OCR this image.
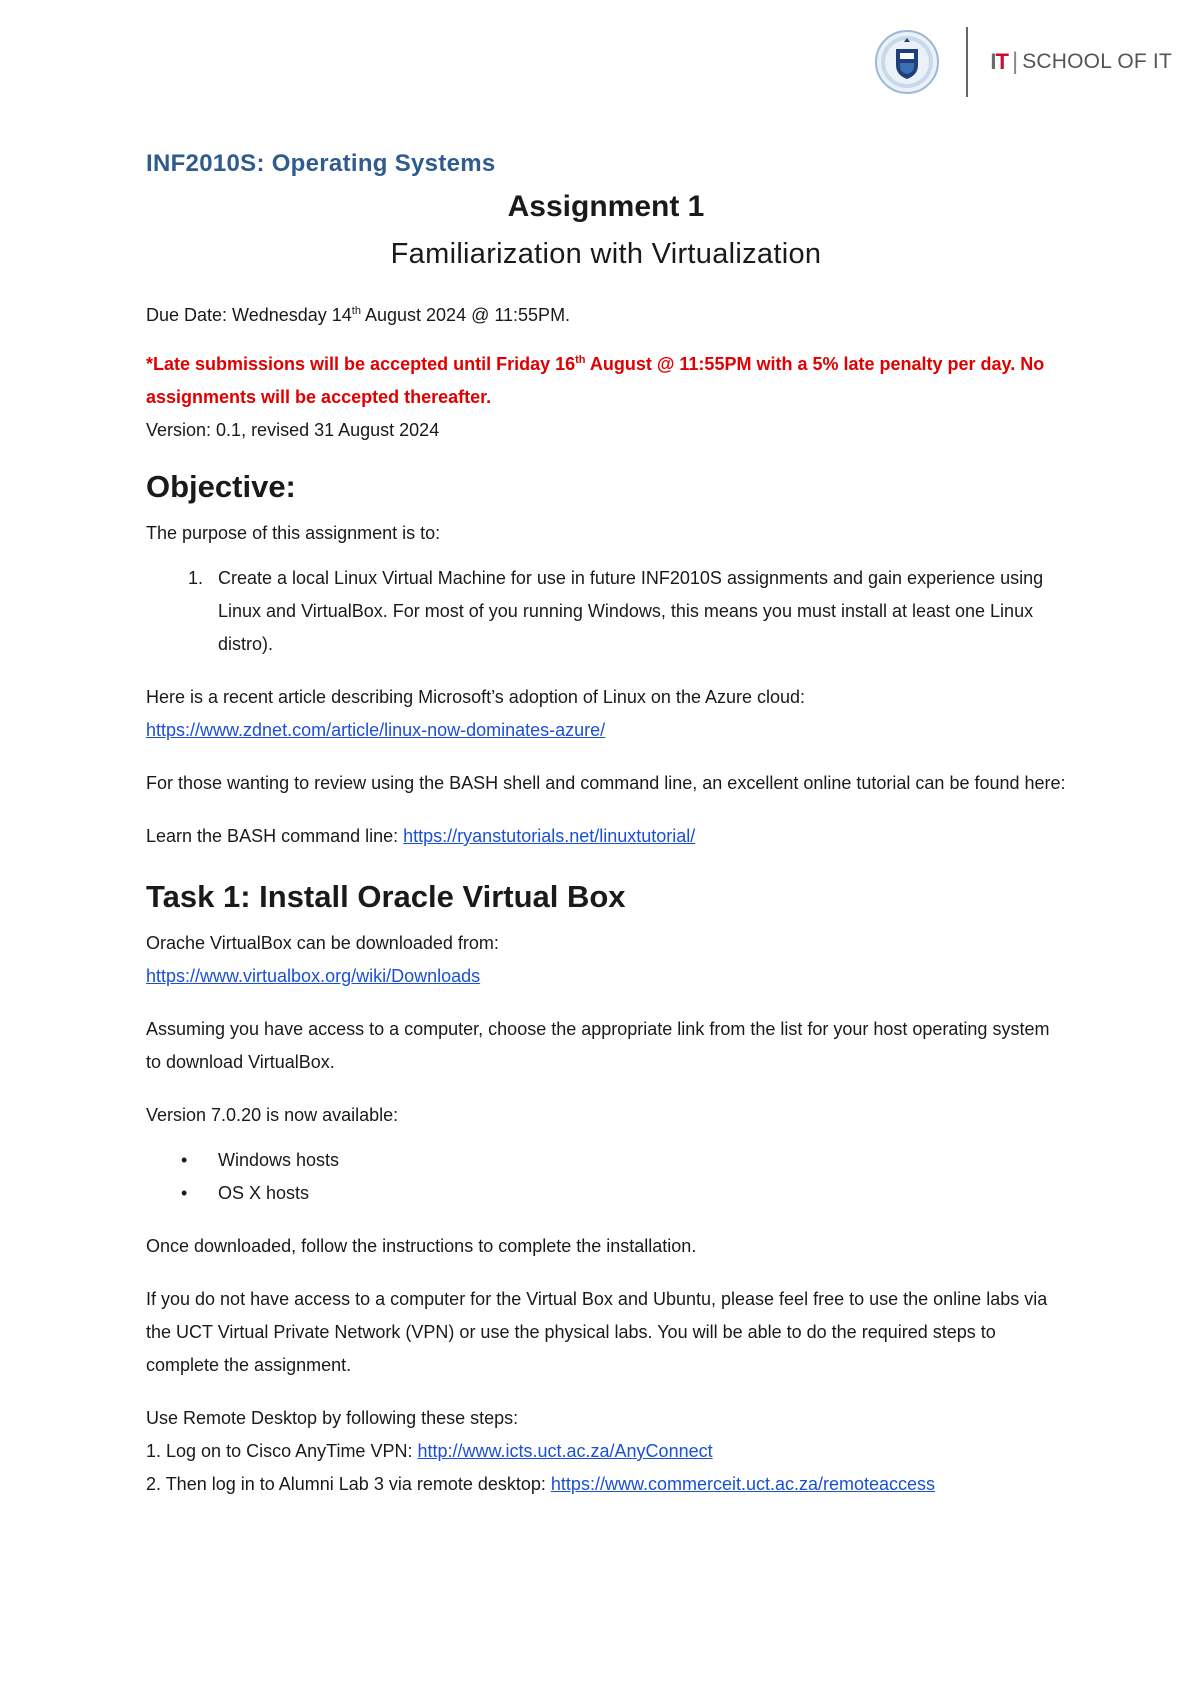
IT | SCHOOL OF IT
INF2010S: Operating Systems
Assignment 1
Familiarization with Virtualization

Due Date: Wednesday 14th August 2024 @ 11:55PM.

*Late submissions will be accepted until Friday 16th August @ 11:55PM with a 5% late penalty per day. No assignments will be accepted thereafter.

Version: 0.1, revised 31 August 2024

Objective:

The purpose of this assignment is to:

1. Create a local Linux Virtual Machine for use in future INF2010S assignments and gain experience using Linux and VirtualBox. For most of you running Windows, this means you must install at least one Linux distro).

Here is a recent article describing Microsoft’s adoption of Linux on the Azure cloud:

https://www.zdnet.com/article/linux-now-dominates-azure/

For those wanting to review using the BASH shell and command line, an excellent online tutorial can be found here:

Learn the BASH command line: https://ryanstutorials.net/linuxtutorial/

Task 1: Install Oracle Virtual Box

Orache VirtualBox can be downloaded from:

https://www.virtualbox.org/wiki/Downloads

Assuming you have access to a computer, choose the appropriate link from the list for your host operating system to download VirtualBox.

Version 7.0.20 is now available:

• Windows hosts
• OS X hosts

Once downloaded, follow the instructions to complete the installation.

If you do not have access to a computer for the Virtual Box and Ubuntu, please feel free to use the online labs via the UCT Virtual Private Network (VPN) or use the physical labs. You will be able to do the required steps to complete the assignment.

Use Remote Desktop by following these steps:

1. Log on to Cisco AnyTime VPN: http://www.icts.uct.ac.za/AnyConnect

2. Then log in to Alumni Lab 3 via remote desktop: https://www.commerceit.uct.ac.za/remoteaccess
